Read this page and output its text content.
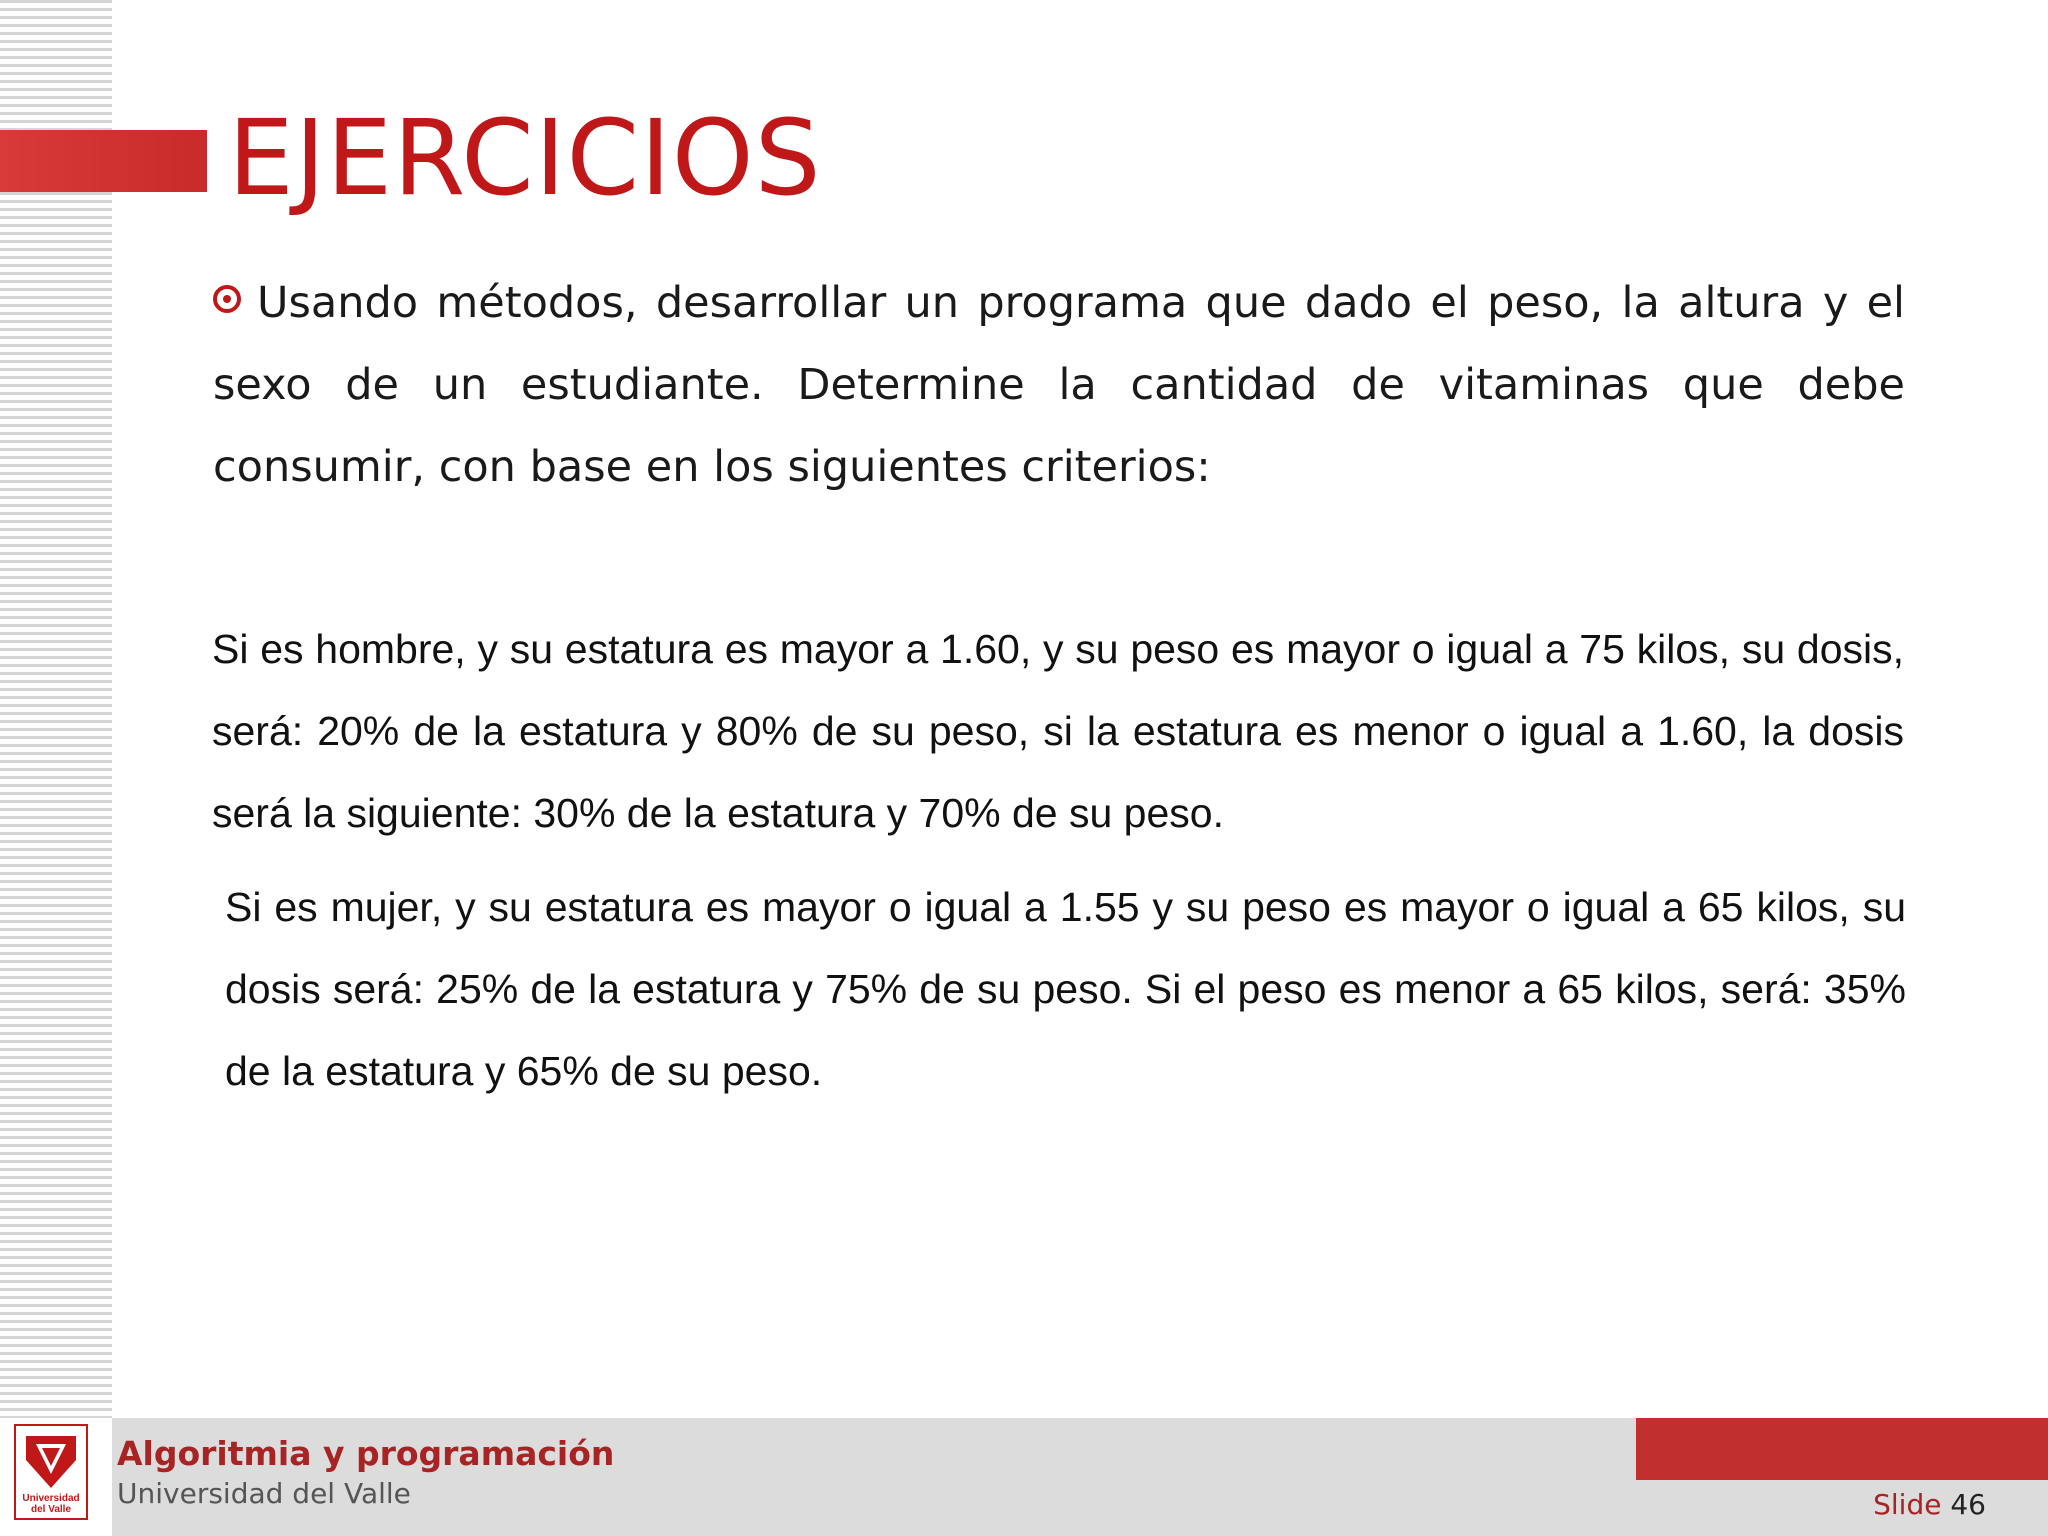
EJERCICIOS
Usando métodos, desarrollar un programa que dado el peso, la altura y el sexo de un estudiante. Determine la cantidad de vitaminas que debe consumir, con base en los siguientes criterios:
Si es hombre, y su estatura es mayor a 1.60, y su peso es mayor o igual a 75 kilos, su dosis, será: 20% de la estatura y 80% de su peso, si la estatura es menor o igual a 1.60, la dosis será la siguiente: 30% de la estatura y 70% de su peso.
Si es mujer, y su estatura es mayor o igual a 1.55 y su peso es mayor o igual a 65 kilos, su dosis será: 25% de la estatura y 75% de su peso. Si el peso es menor a 65 kilos, será: 35% de la estatura y 65% de su peso.
Universidad
del Valle
Algoritmia y programación
Universidad del Valle	Slide 46
